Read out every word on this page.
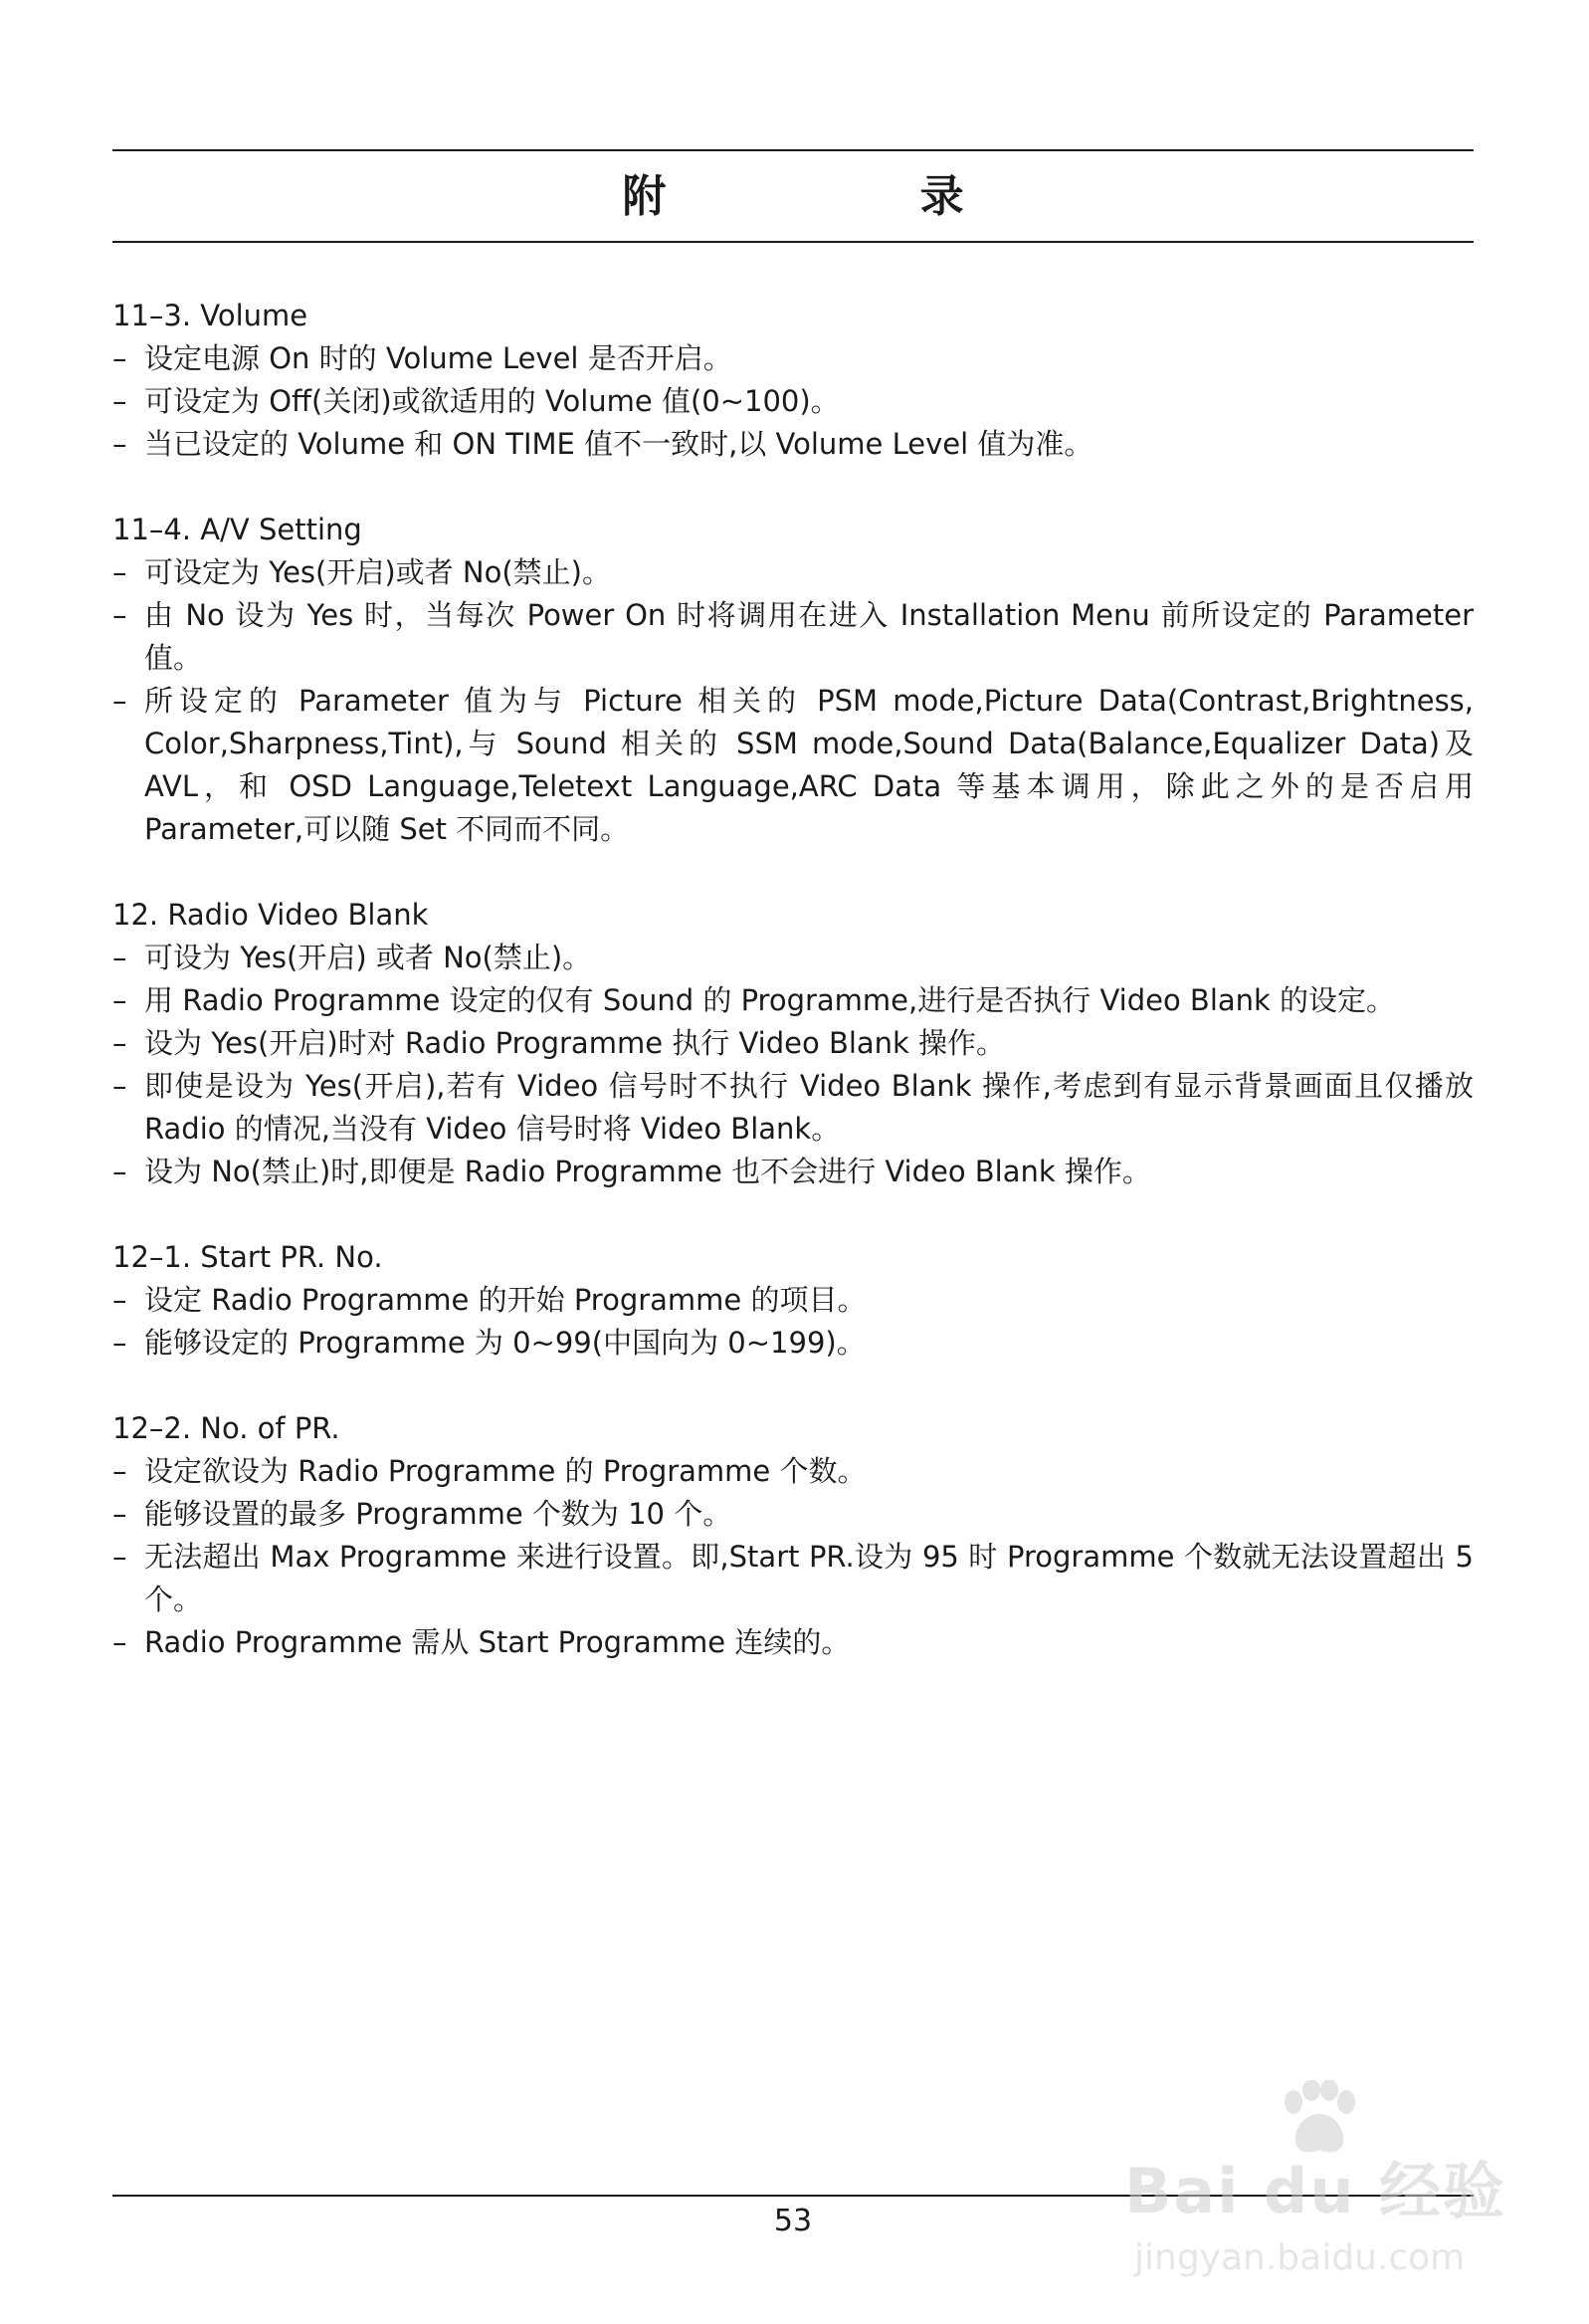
附 录
11–3. Volume
– 设定电源 On 时的 Volume Level 是否开启。
– 可设定为 Off(关闭)或欲适用的 Volume 值(0~100)。
– 当已设定的 Volume 和 ON TIME 值不一致时,以 Volume Level 值为准。
11–4. A/V Setting
– 可设定为 Yes(开启)或者 No(禁止)。
– 由 No 设为 Yes 时，当每次 Power On 时将调用在进入 Installation Menu 前所设定的 Parameter 值。
– 所设定的 Parameter 值为与 Picture 相关的 PSM mode,Picture Data(Contrast,Brightness, Color,Sharpness,Tint),与 Sound 相关的 SSM mode,Sound Data(Balance,Equalizer Data)及 AVL，和 OSD Language,Teletext Language,ARC Data 等基本调用，除此之外的是否启用 Parameter,可以随 Set 不同而不同。
12. Radio Video Blank
– 可设为 Yes(开启) 或者 No(禁止)。
– 用 Radio Programme 设定的仅有 Sound 的 Programme,进行是否执行 Video Blank 的设定。
– 设为 Yes(开启)时对 Radio Programme 执行 Video Blank 操作。
– 即使是设为 Yes(开启),若有 Video 信号时不执行 Video Blank 操作,考虑到有显示背景画面且仅播放 Radio 的情况,当没有 Video 信号时将 Video Blank。
– 设为 No(禁止)时,即便是 Radio Programme 也不会进行 Video Blank 操作。
12–1. Start PR. No.
– 设定 Radio Programme 的开始 Programme 的项目。
– 能够设定的 Programme 为 0~99(中国向为 0~199)。
12–2. No. of PR.
– 设定欲设为 Radio Programme 的 Programme 个数。
– 能够设置的最多 Programme 个数为 10 个。
– 无法超出 Max Programme 来进行设置。即,Start PR.设为 95 时 Programme 个数就无法设置超出 5 个。
– Radio Programme 需从 Start Programme 连续的。
53	Bai du 经验
jingyan.baidu.com
